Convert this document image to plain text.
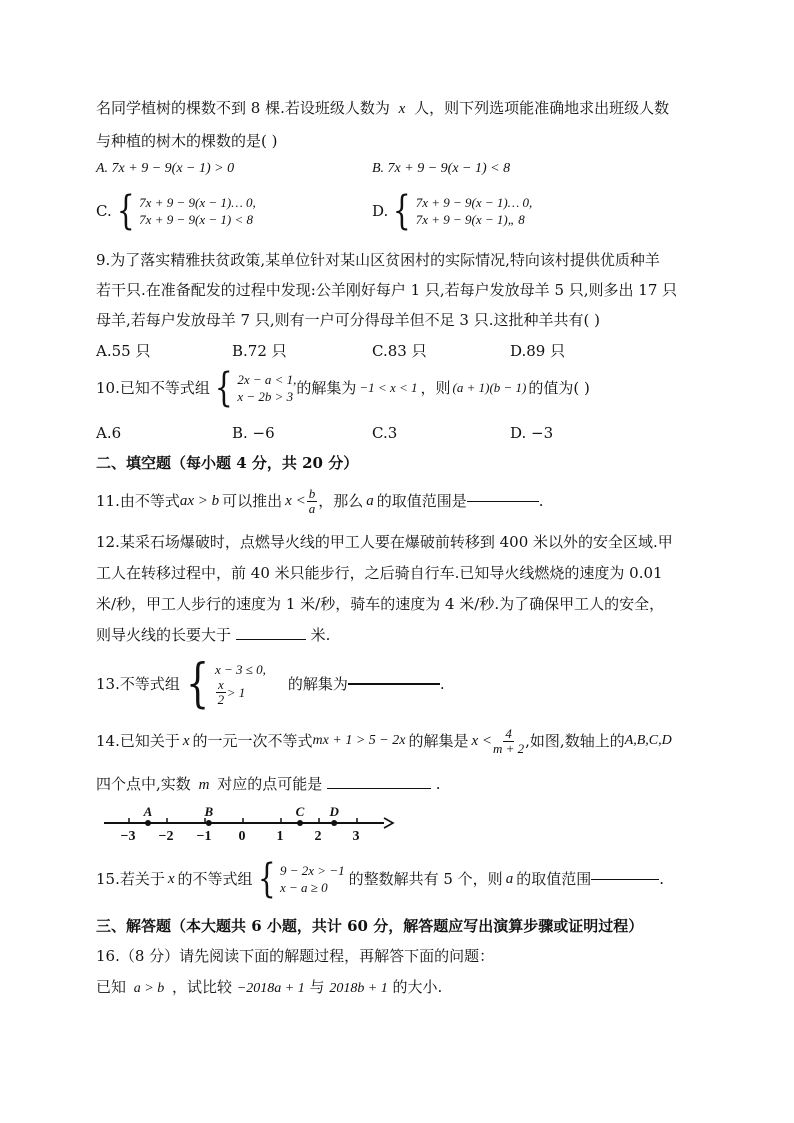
名同学植树的棵数不到 8 棵.若设班级人数为 x 人，则下列选项能准确地求出班级人数
与种植的树木的棵数的是( )
A. 7x + 9 − 9(x − 1) > 0	B. 7x + 9 − 9(x − 1) < 8
C. { 7x + 9 − 9(x − 1)… 0,
7x + 9 − 9(x − 1) < 8	D. { 7x + 9 − 9(x − 1)… 0,
7x + 9 − 9(x − 1)„ 8
9.为了落实精雅扶贫政策,某单位针对某山区贫困村的实际情况,特向该村提供优质种羊
若干只.在准备配发的过程中发现:公羊刚好每户 1 只,若每户发放母羊 5 只,则多出 17 只
母羊,若每户发放母羊 7 只,则有一户可分得母羊但不足 3 只.这批种羊共有( )
A.55 只	B.72 只	C.83 只	D.89 只
10.已知不等式组 { 2x − a < 1,
x − 2b > 3 的解集为 −1 < x < 1 ，则 (a + 1)(b − 1) 的值为( )
A.6	B. −6	C.3	D. −3
二、填空题（每小题 4 分，共 20 分）
11.由不等式 ax > b 可以推出 $x < \frac{b}{a}$ ，那么 a 的取值范围是	.
12.某采石场爆破时，点燃导火线的甲工人要在爆破前转移到 400 米以外的安全区域.甲
工人在转移过程中，前 40 米只能步行，之后骑自行车.已知导火线燃烧的速度为 0.01
米/秒，甲工人步行的速度为 1 米/秒，骑车的速度为 4 米/秒.为了确保甲工人的安全，
则导火线的长要大于	米.
13.不等式组 { x − 3 ≤ 0,
$\frac{x}{2} > 1$	的解集为	.
14.已知关于 x 的一元一次不等式 mx + 1 > 5 − 2x 的解集是 $x < \frac{4}{m + 2}$ ,如图,数轴上的 A,B,C,D
四个点中,实数 m 对应的点可能是	.
−3 −2 −1 0 1 2 3
A	B	C D
15.若关于 x 的不等式组 { 9 − 2x > −1
x − a ≥ 0	的整数解共有 5 个，则 a 的取值范围	.
三、解答题（本大题共 6 小题，共计 60 分，解答题应写出演算步骤或证明过程）
16.（8 分）请先阅读下面的解题过程，再解答下面的问题：
已知 a > b ，试比较 −2018a + 1 与 2018b + 1 的大小.
